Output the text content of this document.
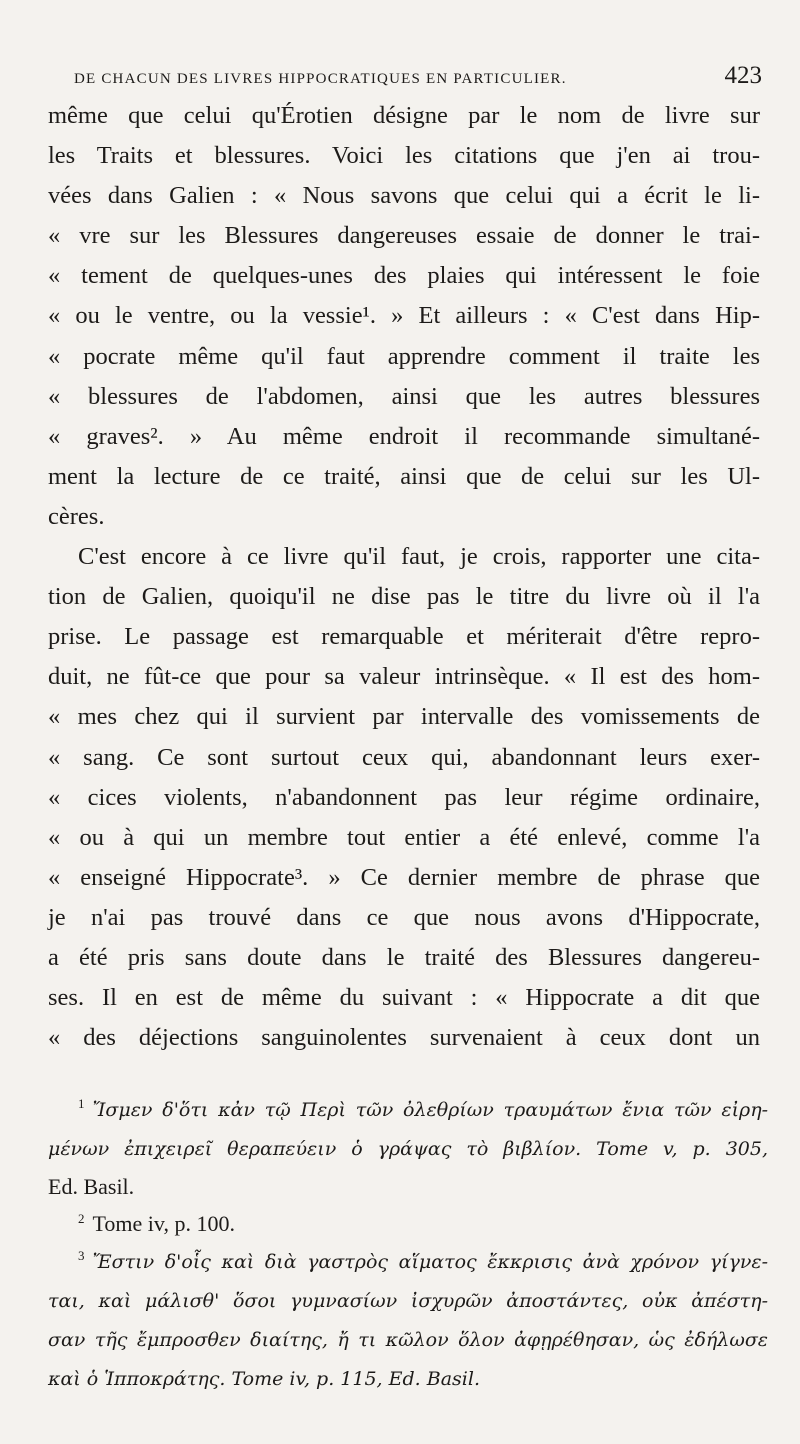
DE CHACUN DES LIVRES HIPPOCRATIQUES EN PARTICULIER.	423
même que celui qu'Érotien désigne par le nom de livre sur
les Traits et blessures. Voici les citations que j'en ai trou-
vées dans Galien : « Nous savons que celui qui a écrit le li-
« vre sur les Blessures dangereuses essaie de donner le trai-
« tement de quelques-unes des plaies qui intéressent le foie
« ou le ventre, ou la vessie¹. » Et ailleurs : « C'est dans Hip-
« pocrate même qu'il faut apprendre comment il traite les
« blessures de l'abdomen, ainsi que les autres blessures
« graves². » Au même endroit il recommande simultané-
ment la lecture de ce traité, ainsi que de celui sur les Ul-
cères.
C'est encore à ce livre qu'il faut, je crois, rapporter une cita-
tion de Galien, quoiqu'il ne dise pas le titre du livre où il l'a
prise. Le passage est remarquable et mériterait d'être repro-
duit, ne fût-ce que pour sa valeur intrinsèque. « Il est des hom-
« mes chez qui il survient par intervalle des vomissements de
« sang. Ce sont surtout ceux qui, abandonnant leurs exer-
« cices violents, n'abandonnent pas leur régime ordinaire,
« ou à qui un membre tout entier a été enlevé, comme l'a
« enseigné Hippocrate³. » Ce dernier membre de phrase que
je n'ai pas trouvé dans ce que nous avons d'Hippocrate,
a été pris sans doute dans le traité des Blessures dangereu-
ses. Il en est de même du suivant : « Hippocrate a dit que
« des déjections sanguinolentes survenaient à ceux dont un
$^1$ Ἴσμεν δ'ὅτι κἀν τῷ Περὶ τῶν ὀλεθρίων τραυμάτων ἔνια τῶν εἰρη-
μένων ἐπιχειρεῖ θεραπεύειν ὁ γράψας τὸ βιβλίον. Tome v, p. 305,
Ed. Basil.
$^2$ Tome iv, p. 100.
$^3$ Ἔστιν δ'οἷς καὶ διὰ γαστρὸς αἵματος ἔκκρισις ἀνὰ χρόνον γίγνε-
ται, καὶ μάλισθ' ὅσοι γυμνασίων ἰσχυρῶν ἀποστάντες, οὐκ ἀπέστη-
σαν τῆς ἔμπροσθεν διαίτης, ἤ τι κῶλον ὅλον ἀφῃρέθησαν, ὡς ἐδήλωσε
καὶ ὁ Ἱπποκράτης. Tome iv, p. 115, Ed. Basil.
